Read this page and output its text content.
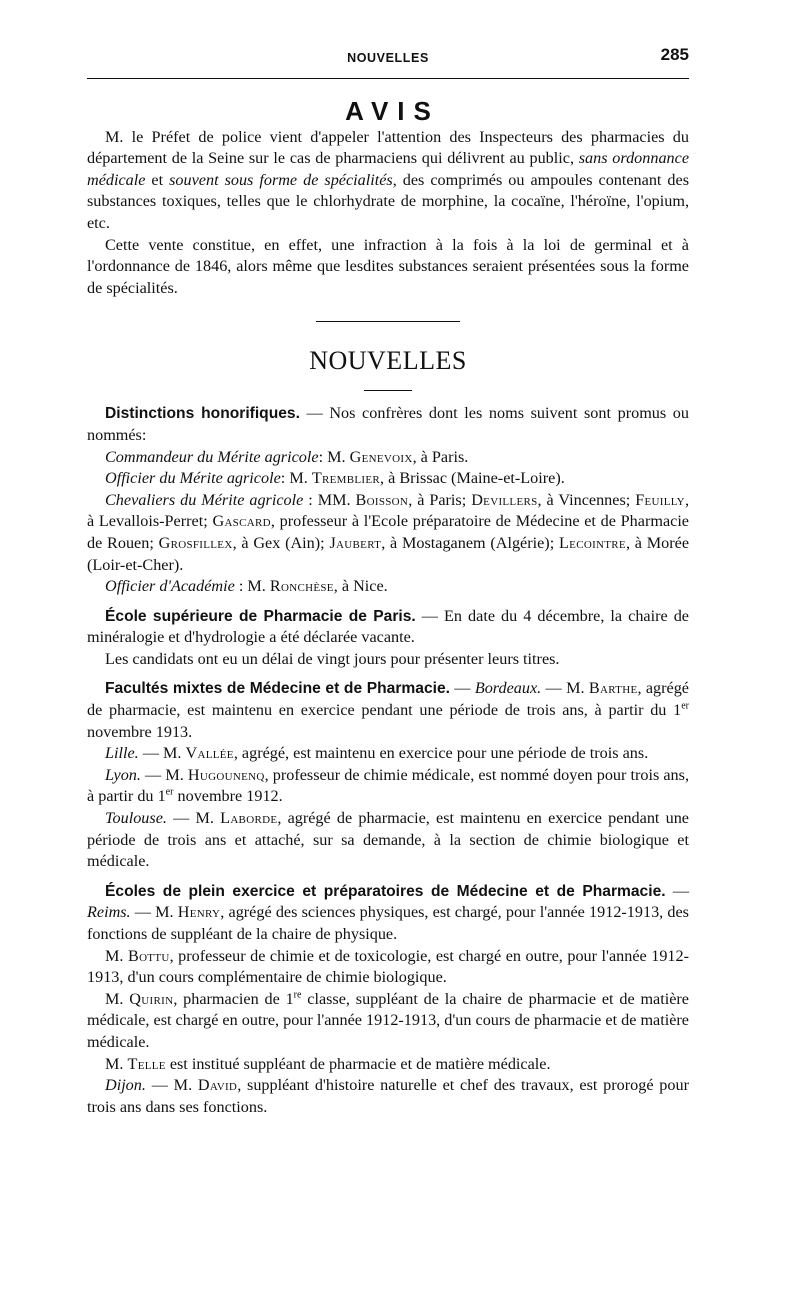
NOUVELLES	285
AVIS

M. le Préfet de police vient d'appeler l'attention des Inspecteurs des pharmacies du département de la Seine sur le cas de pharmaciens qui délivrent au public, sans ordonnance médicale et souvent sous forme de spécialités, des comprimés ou ampoules contenant des substances toxiques, telles que le chlorhydrate de morphine, la cocaïne, l'héroïne, l'opium, etc.

Cette vente constitue, en effet, une infraction à la fois à la loi de germinal et à l'ordonnance de 1846, alors même que lesdites substances seraient présentées sous la forme de spécialités.

NOUVELLES

Distinctions honorifiques. — Nos confrères dont les noms suivent sont promus ou nommés:

Commandeur du Mérite agricole: M. Genevoix, à Paris.

Officier du Mérite agricole: M. Tremblier, à Brissac (Maine-et-Loire).

Chevaliers du Mérite agricole : MM. Boisson, à Paris; Devillers, à Vincennes; Feuilly, à Levallois-Perret; Gascard, professeur à l'Ecole préparatoire de Médecine et de Pharmacie de Rouen; Grosfillex, à Gex (Ain); Jaubert, à Mostaganem (Algérie); Lecointre, à Morée (Loir-et-Cher).

Officier d'Académie : M. Ronchèse, à Nice.

École supérieure de Pharmacie de Paris. — En date du 4 décembre, la chaire de minéralogie et d'hydrologie a été déclarée vacante.

Les candidats ont eu un délai de vingt jours pour présenter leurs titres.

Facultés mixtes de Médecine et de Pharmacie. — Bordeaux. — M. Barthe, agrégé de pharmacie, est maintenu en exercice pendant une période de trois ans, à partir du 1er novembre 1913.

Lille. — M. Vallée, agrégé, est maintenu en exercice pour une période de trois ans.

Lyon. — M. Hugounenq, professeur de chimie médicale, est nommé doyen pour trois ans, à partir du 1er novembre 1912.

Toulouse. — M. Laborde, agrégé de pharmacie, est maintenu en exercice pendant une période de trois ans et attaché, sur sa demande, à la section de chimie biologique et médicale.

Écoles de plein exercice et préparatoires de Médecine et de Pharmacie. — Reims. — M. Henry, agrégé des sciences physiques, est chargé, pour l'année 1912-1913, des fonctions de suppléant de la chaire de physique.

M. Bottu, professeur de chimie et de toxicologie, est chargé en outre, pour l'année 1912-1913, d'un cours complémentaire de chimie biologique.

M. Quirin, pharmacien de 1re classe, suppléant de la chaire de pharmacie et de matière médicale, est chargé en outre, pour l'année 1912-1913, d'un cours de pharmacie et de matière médicale.

M. Telle est institué suppléant de pharmacie et de matière médicale.

Dijon. — M. David, suppléant d'histoire naturelle et chef des travaux, est prorogé pour trois ans dans ses fonctions.
